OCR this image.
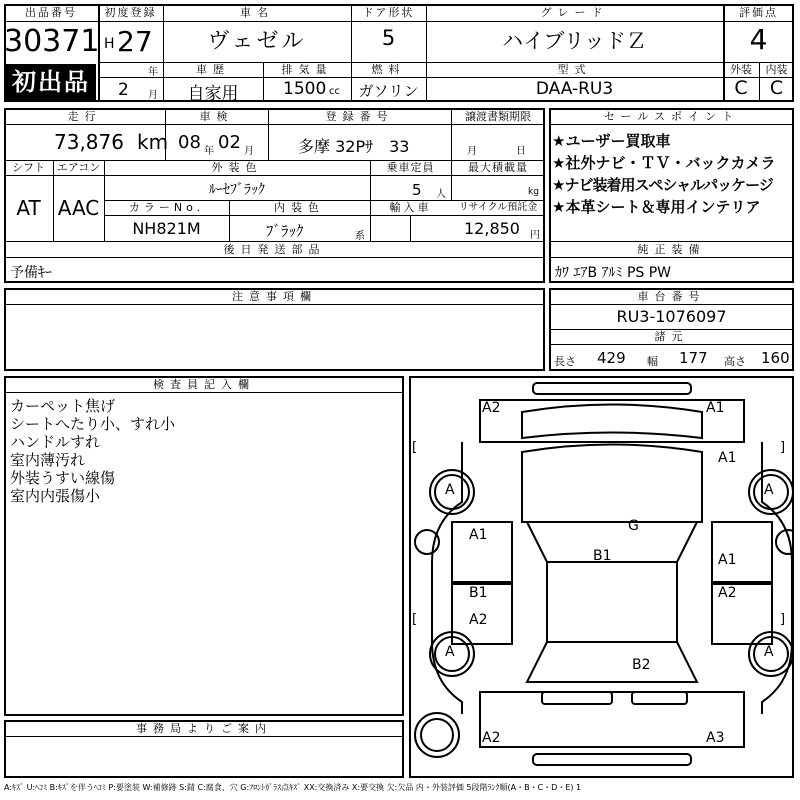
出品番号
30371
初出品
初度登録
H 27
年
2 月
車名
ヴェゼル
ドア形状
5
グレード
ハイブリッドＺ
評価点
4
車歴
自家用
排気量
1500 cc
燃料
ガソリン
型式
DAA-RU3
外装
C
内装
C
走行
73,876 km
車検
08 年 02 月
登録番号
多摩 32Pｻ　33
譲渡書類期限
月	日
シフト
AT
エアコン
AAC
外装色
ﾙｰｾﾌﾞﾗｯｸ
乗車定員
5 人
最大積載量
kg
カラーNo.
NH821M
内装色
ﾌﾞﾗｯｸ	系
輸入車	リサイクル預託金
12,850 円
後日発送部品
予備ｷｰ
セールスポイント
★ユーザー買取車
★社外ナビ・ＴＶ・バックカメラ
★ナビ装着用スペシャルパッケージ
★本革シート＆専用インテリア
純正装備
ｶﾜ ｴｱB ｱﾙﾐ PS PW
注意事項欄	車台番号
RU3-1076097
諸元
長さ 429 幅 177 高さ 160
検査員記入欄
カーペット焦げ
シートへたり小、すれ小
ハンドルすれ
室内薄汚れ
外装うすい線傷
室内内張傷小
事務局よりご案内
A2	A1
A1
[	]
A	A
A1
G
B1	A1
B1	A2
A2
[	]
A	A
B2
A2	A3
A:ｷｽﾞ U:ﾍｺﾐ B:ｷｽﾞを伴うﾍｺﾐ P:要塗装 W:補修跡 S:錆 C:腐食、穴 G:ﾌﾛﾝﾄｶﾞﾗｽ点ｷｽﾞ XX:交換済み X:要交換 欠:欠品 内・外装評価 5段階ﾗﾝｸ順(A・B・C・D・E) 1
